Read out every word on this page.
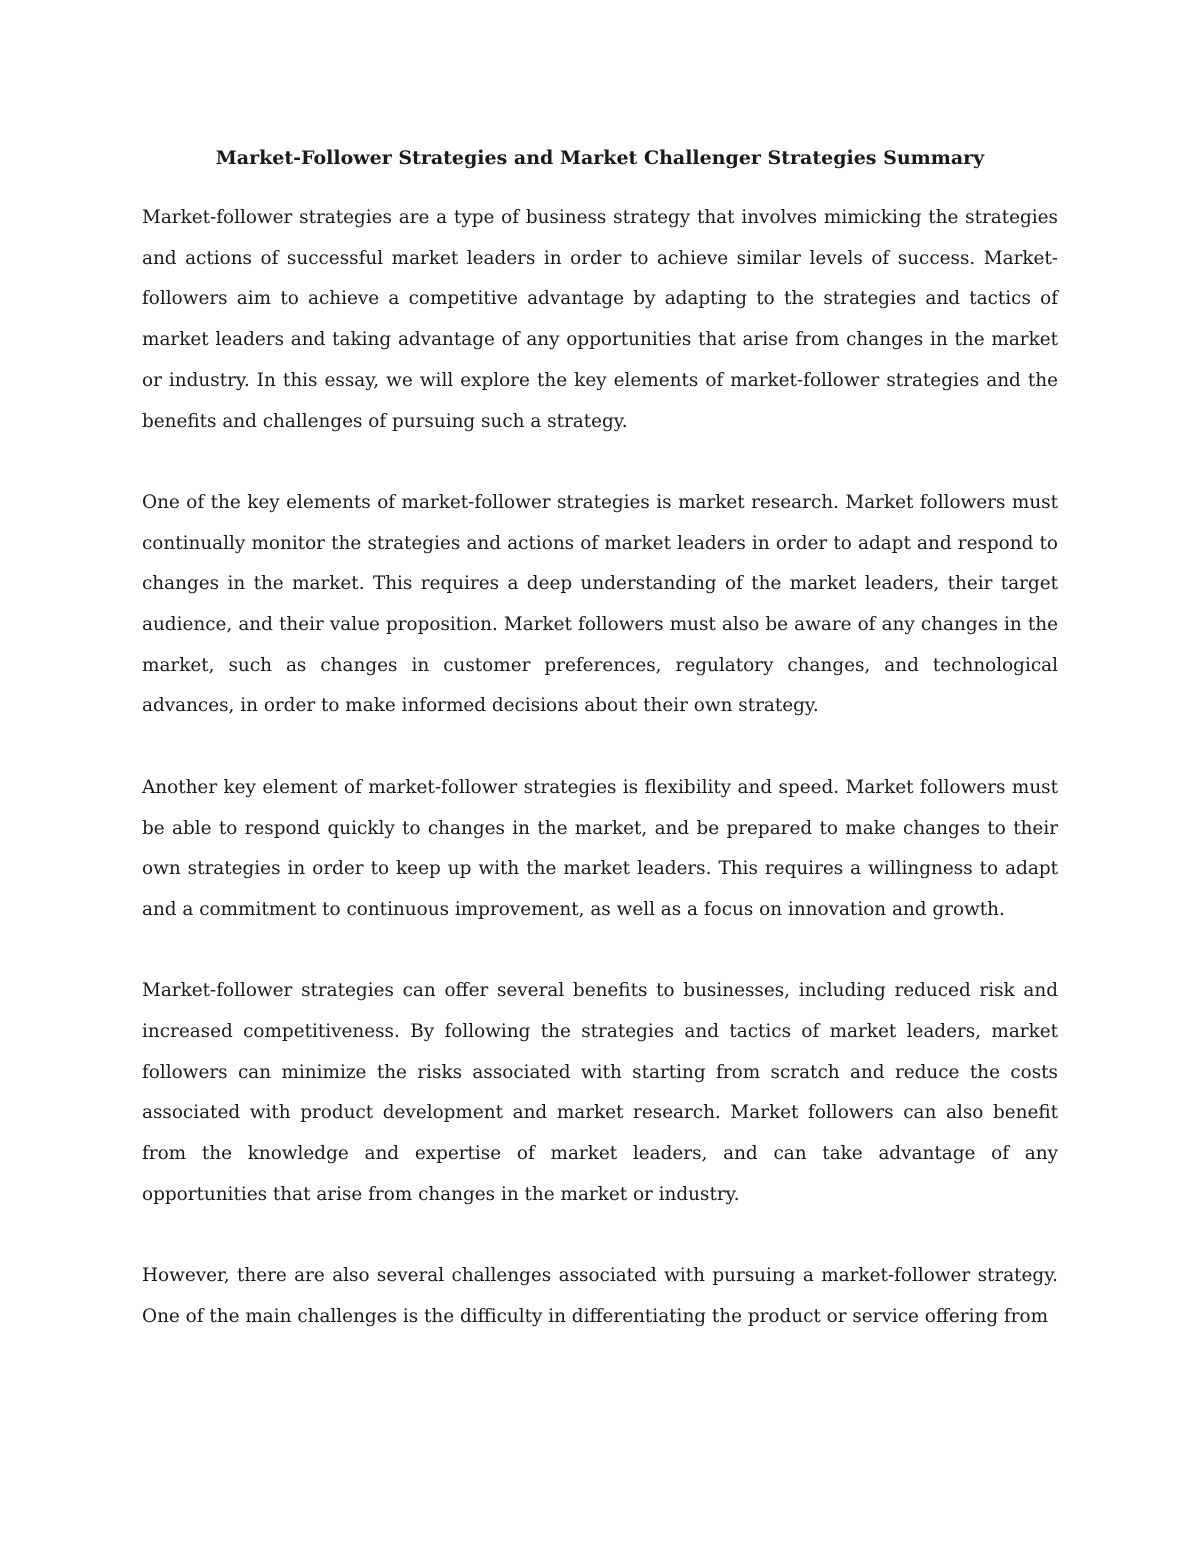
Market-Follower Strategies and Market Challenger Strategies Summary

Market-follower strategies are a type of business strategy that involves mimicking the strategies and actions of successful market leaders in order to achieve similar levels of success. Market-followers aim to achieve a competitive advantage by adapting to the strategies and tactics of market leaders and taking advantage of any opportunities that arise from changes in the market or industry. In this essay, we will explore the key elements of market-follower strategies and the benefits and challenges of pursuing such a strategy.

One of the key elements of market-follower strategies is market research. Market followers must continually monitor the strategies and actions of market leaders in order to adapt and respond to changes in the market. This requires a deep understanding of the market leaders, their target audience, and their value proposition. Market followers must also be aware of any changes in the market, such as changes in customer preferences, regulatory changes, and technological advances, in order to make informed decisions about their own strategy.

Another key element of market-follower strategies is flexibility and speed. Market followers must be able to respond quickly to changes in the market, and be prepared to make changes to their own strategies in order to keep up with the market leaders. This requires a willingness to adapt and a commitment to continuous improvement, as well as a focus on innovation and growth.

Market-follower strategies can offer several benefits to businesses, including reduced risk and increased competitiveness. By following the strategies and tactics of market leaders, market followers can minimize the risks associated with starting from scratch and reduce the costs associated with product development and market research. Market followers can also benefit from the knowledge and expertise of market leaders, and can take advantage of any opportunities that arise from changes in the market or industry.

However, there are also several challenges associated with pursuing a market-follower strategy. One of the main challenges is the difficulty in differentiating the product or service offering from
